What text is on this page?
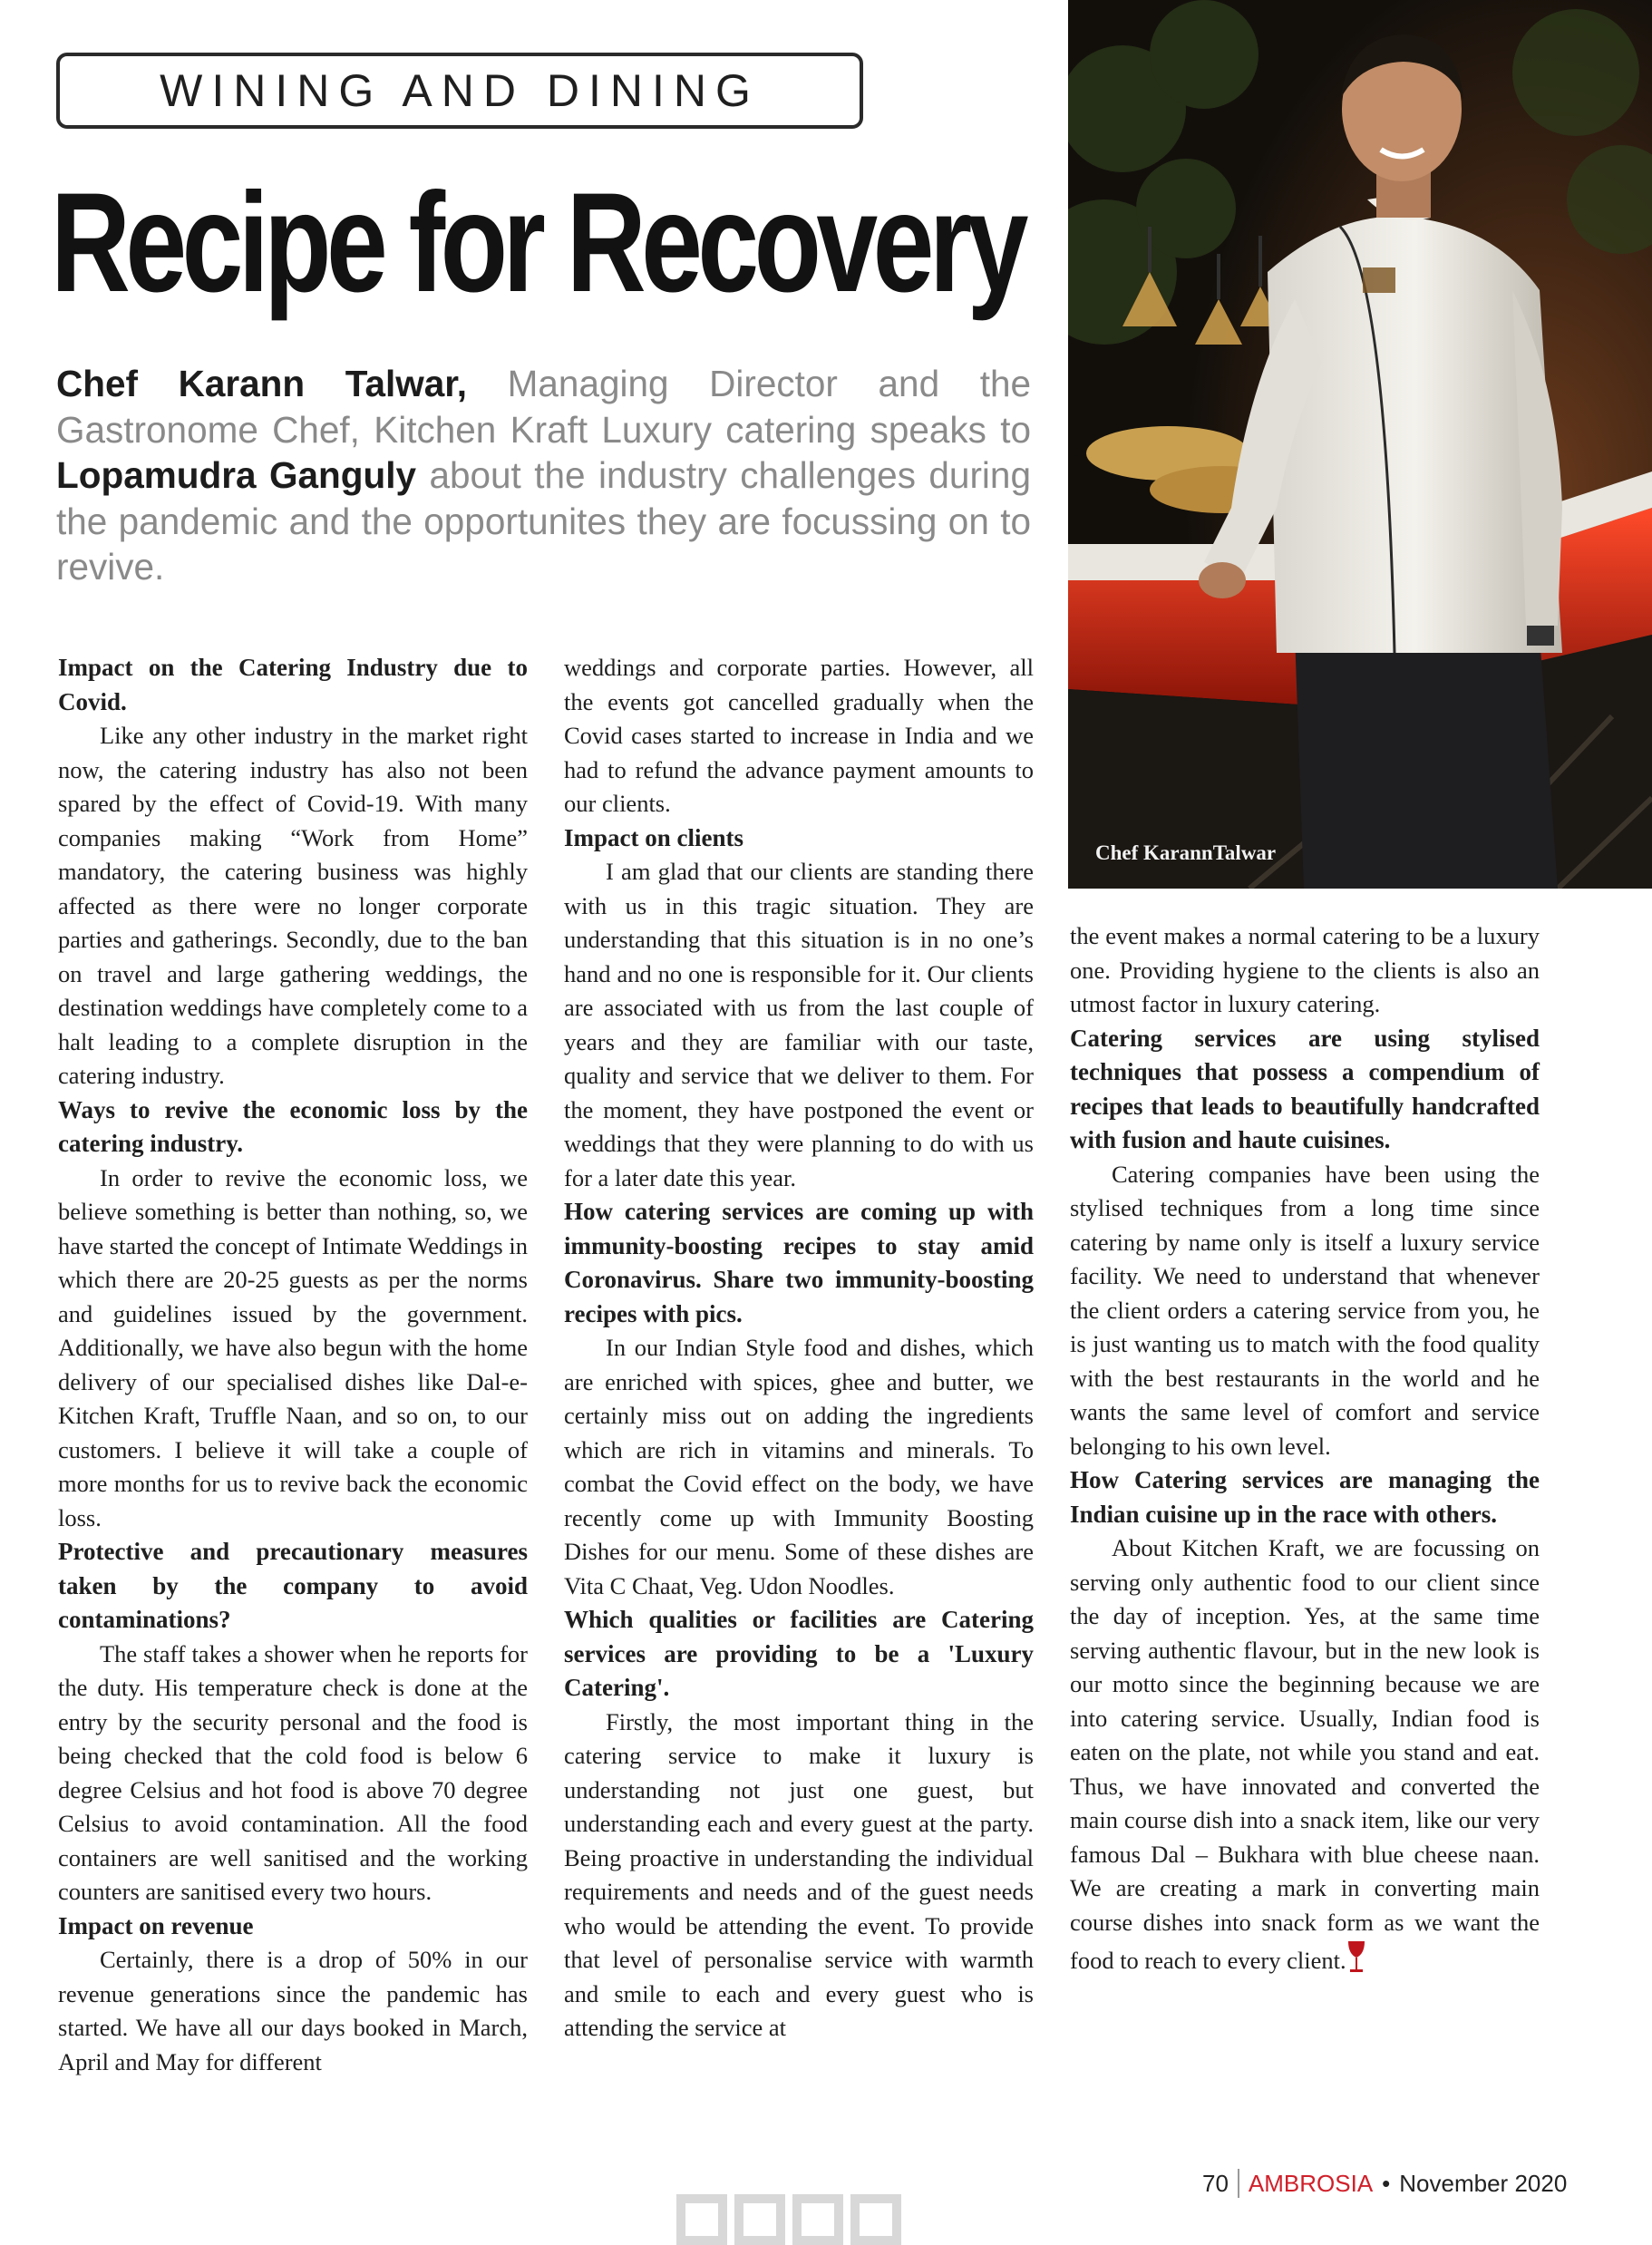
WINING AND DINING
Recipe for Recovery
Chef Karann Talwar, Managing Director and the Gastronome Chef, Kitchen Kraft Luxury catering speaks to Lopamudra Ganguly about the industry challenges during the pandemic and the opportunites they are focussing on to revive.
Chef KarannTalwar
Impact on the Catering Industry due to Covid.

Like any other industry in the market right now, the catering industry has also not been spared by the effect of Covid-19. With many companies making “Work from Home” mandatory, the catering business was highly affected as there were no longer corporate parties and gatherings. Secondly, due to the ban on travel and large gathering weddings, the destination weddings have completely come to a halt leading to a complete disruption in the catering industry.

Ways to revive the economic loss by the catering industry.

In order to revive the economic loss, we believe something is better than nothing, so, we have started the concept of Intimate Weddings in which there are 20-25 guests as per the norms and guidelines issued by the government. Additionally, we have also begun with the home delivery of our specialised dishes like Dal-e-Kitchen Kraft, Truffle Naan, and so on, to our customers. I believe it will take a couple of more months for us to revive back the economic loss.

Protective and precautionary measures taken by the company to avoid contaminations?

The staff takes a shower when he reports for the duty. His temperature check is done at the entry by the security personal and the food is being checked that the cold food is below 6 degree Celsius and hot food is above 70 degree Celsius to avoid contamination. All the food containers are well sanitised and the working counters are sanitised every two hours.

Impact on revenue

Certainly, there is a drop of 50% in our revenue generations since the pandemic has started. We have all our days booked in March, April and May for different

weddings and corporate parties. However, all the events got cancelled gradually when the Covid cases started to increase in India and we had to refund the advance payment amounts to our clients.

Impact on clients

I am glad that our clients are standing there with us in this tragic situation. They are understanding that this situation is in no one’s hand and no one is responsible for it. Our clients are associated with us from the last couple of years and they are familiar with our taste, quality and service that we deliver to them. For the moment, they have postponed the event or weddings that they were planning to do with us for a later date this year.

How catering services are coming up with immunity-boosting recipes to stay amid Coronavirus. Share two immunity-boosting recipes with pics.

In our Indian Style food and dishes, which are enriched with spices, ghee and butter, we certainly miss out on adding the ingredients which are rich in vitamins and minerals. To combat the Covid effect on the body, we have recently come up with Immunity Boosting Dishes for our menu. Some of these dishes are Vita C Chaat, Veg. Udon Noodles.

Which qualities or facilities are Catering services are providing to be a 'Luxury Catering'.

Firstly, the most important thing in the catering service to make it luxury is understanding not just one guest, but understanding each and every guest at the party. Being proactive in understanding the individual requirements and needs and of the guest needs who would be attending the event. To provide that level of personalise service with warmth and smile to each and every guest who is attending the service at

the event makes a normal catering to be a luxury one. Providing hygiene to the clients is also an utmost factor in luxury catering.

Catering services are using stylised techniques that possess a compendium of recipes that leads to beautifully handcrafted with fusion and haute cuisines.

Catering companies have been using the stylised techniques from a long time since catering by name only is itself a luxury service facility. We need to understand that whenever the client orders a catering service from you, he is just wanting us to match with the food quality with the best restaurants in the world and he wants the same level of comfort and service belonging to his own level.

How Catering services are managing the Indian cuisine up in the race with others.

About Kitchen Kraft, we are focussing on serving only authentic food to our client since the day of inception. Yes, at the same time serving authentic flavour, but in the new look is our motto since the beginning because we are into catering service. Usually, Indian food is eaten on the plate, not while you stand and eat. Thus, we have innovated and converted the main course dish into a snack item, like our very famous Dal – Bukhara with blue cheese naan. We are creating a mark in converting main course dishes into snack form as we want the food to reach to every client.

70 AMBROSIA • November 2020
